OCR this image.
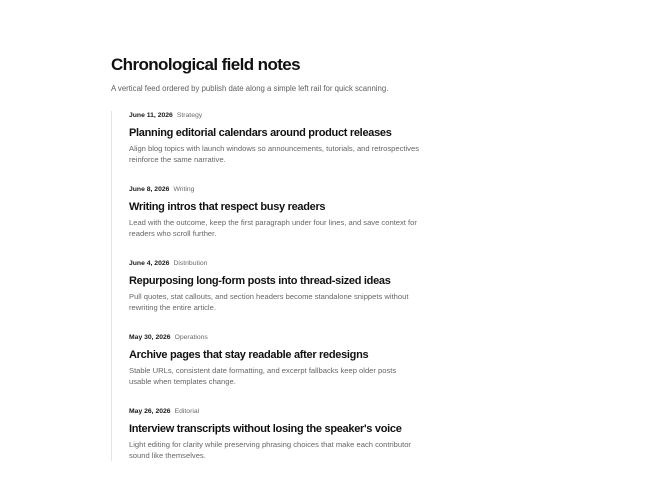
Chronological field notes

A vertical feed ordered by publish date along a simple left rail for quick scanning.

June 11, 2026 Strategy
Planning editorial calendars around product releases

Align blog topics with launch windows so announcements, tutorials, and retrospectives reinforce the same narrative.

June 8, 2026 Writing
Writing intros that respect busy readers

Lead with the outcome, keep the first paragraph under four lines, and save context for readers who scroll further.

June 4, 2026 Distribution
Repurposing long-form posts into thread-sized ideas

Pull quotes, stat callouts, and section headers become standalone snippets without rewriting the entire article.

May 30, 2026 Operations
Archive pages that stay readable after redesigns

Stable URLs, consistent date formatting, and excerpt fallbacks keep older posts usable when templates change.

May 26, 2026 Editorial
Interview transcripts without losing the speaker's voice

Light editing for clarity while preserving phrasing choices that make each contributor sound like themselves.
